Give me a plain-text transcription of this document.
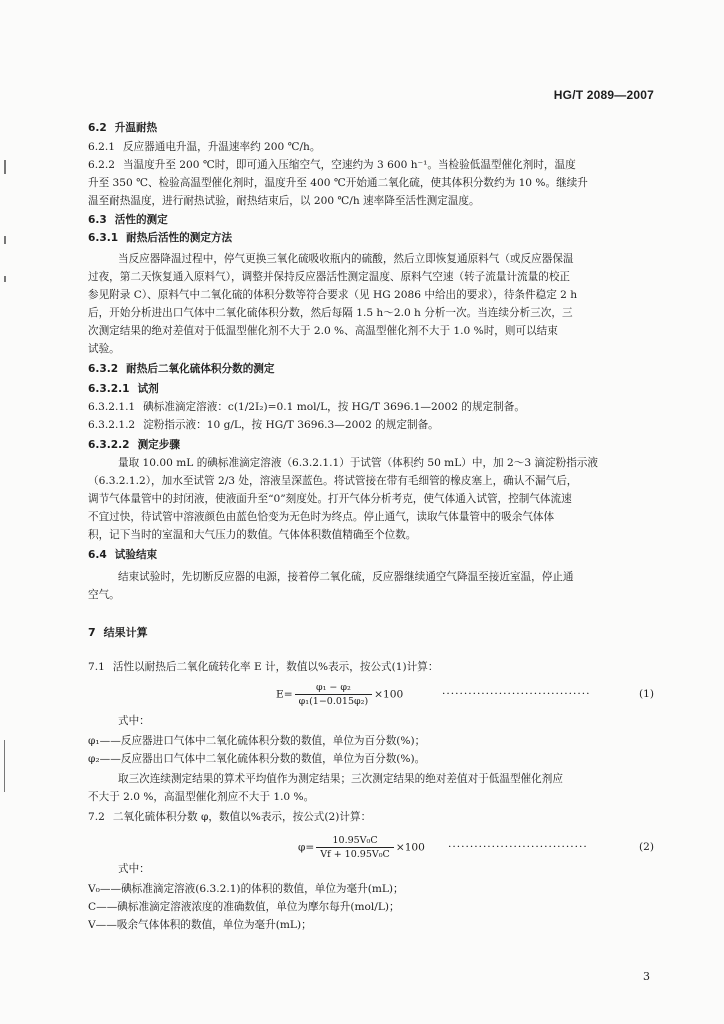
HG/T 2089—2007
6.2 升温耐热
6.2.1 反应器通电升温，升温速率约 200 ℃/h。
6.2.2 当温度升至 200 ℃时，即可通入压缩空气，空速约为 3 600 h⁻¹。当检验低温型催化剂时，温度
升至 350 ℃、检验高温型催化剂时，温度升至 400 ℃开始通二氧化硫，使其体积分数约为 10 %。继续升
温至耐热温度，进行耐热试验，耐热结束后，以 200 ℃/h 速率降至活性测定温度。
6.3 活性的测定
6.3.1 耐热后活性的测定方法
当反应器降温过程中，停气更换三氧化硫吸收瓶内的硫酸，然后立即恢复通原料气（或反应器保温
过夜，第二天恢复通入原料气），调整并保持反应器活性测定温度、原料气空速（转子流量计流量的校正
参见附录 C）、原料气中二氧化硫的体积分数等符合要求（见 HG 2086 中给出的要求），待条件稳定 2 h
后，开始分析进出口气体中二氧化硫体积分数，然后每隔 1.5 h～2.0 h 分析一次。当连续分析三次，三
次测定结果的绝对差值对于低温型催化剂不大于 2.0 %、高温型催化剂不大于 1.0 %时，则可以结束
试验。
6.3.2 耐热后二氧化硫体积分数的测定
6.3.2.1 试剂
6.3.2.1.1 碘标准滴定溶液：c(1/2I₂)=0.1 mol/L，按 HG/T 3696.1—2002 的规定制备。
6.3.2.1.2 淀粉指示液：10 g/L，按 HG/T 3696.3—2002 的规定制备。
6.3.2.2 测定步骤
量取 10.00 mL 的碘标准滴定溶液（6.3.2.1.1）于试管（体积约 50 mL）中，加 2～3 滴淀粉指示液
（6.3.2.1.2），加水至试管 2/3 处，溶液呈深蓝色。将试管接在带有毛细管的橡皮塞上，确认不漏气后，
调节气体量管中的封闭液，使液面升至“0”刻度处。打开气体分析考克，使气体通入试管，控制气体流速
不宜过快，待试管中溶液颜色由蓝色恰变为无色时为终点。停止通气，读取气体量管中的吸余气体体
积，记下当时的室温和大气压力的数值。气体体积数值精确至个位数。
6.4 试验结束
结束试验时，先切断反应器的电源，接着停二氧化硫，反应器继续通空气降温至接近室温，停止通
空气。
7 结果计算
7.1 活性以耐热后二氧化硫转化率 E 计，数值以%表示，按公式(1)计算：
式中：
φ₁——反应器进口气体中二氧化硫体积分数的数值，单位为百分数(%)；
φ₂——反应器出口气体中二氧化硫体积分数的数值，单位为百分数(%)。
取三次连续测定结果的算术平均值作为测定结果；三次测定结果的绝对差值对于低温型催化剂应
不大于 2.0 %，高温型催化剂应不大于 1.0 %。
7.2 二氧化硫体积分数 φ，数值以%表示，按公式(2)计算：
式中：
V₀——碘标准滴定溶液(6.3.2.1)的体积的数值，单位为毫升(mL)；
C——碘标准滴定溶液浓度的准确数值，单位为摩尔每升(mol/L)；
V——吸余气体体积的数值，单位为毫升(mL)；
$E= \frac{\text{φ₁ − φ₂}}{\text{φ₁(1−0.015φ₂)}} \times 100$	··································	(1)
$\varphi= \frac{\text{10.95V₀C}}{\text{Vf + 10.95V₀C}} \times 100$ ································	(2)
3
